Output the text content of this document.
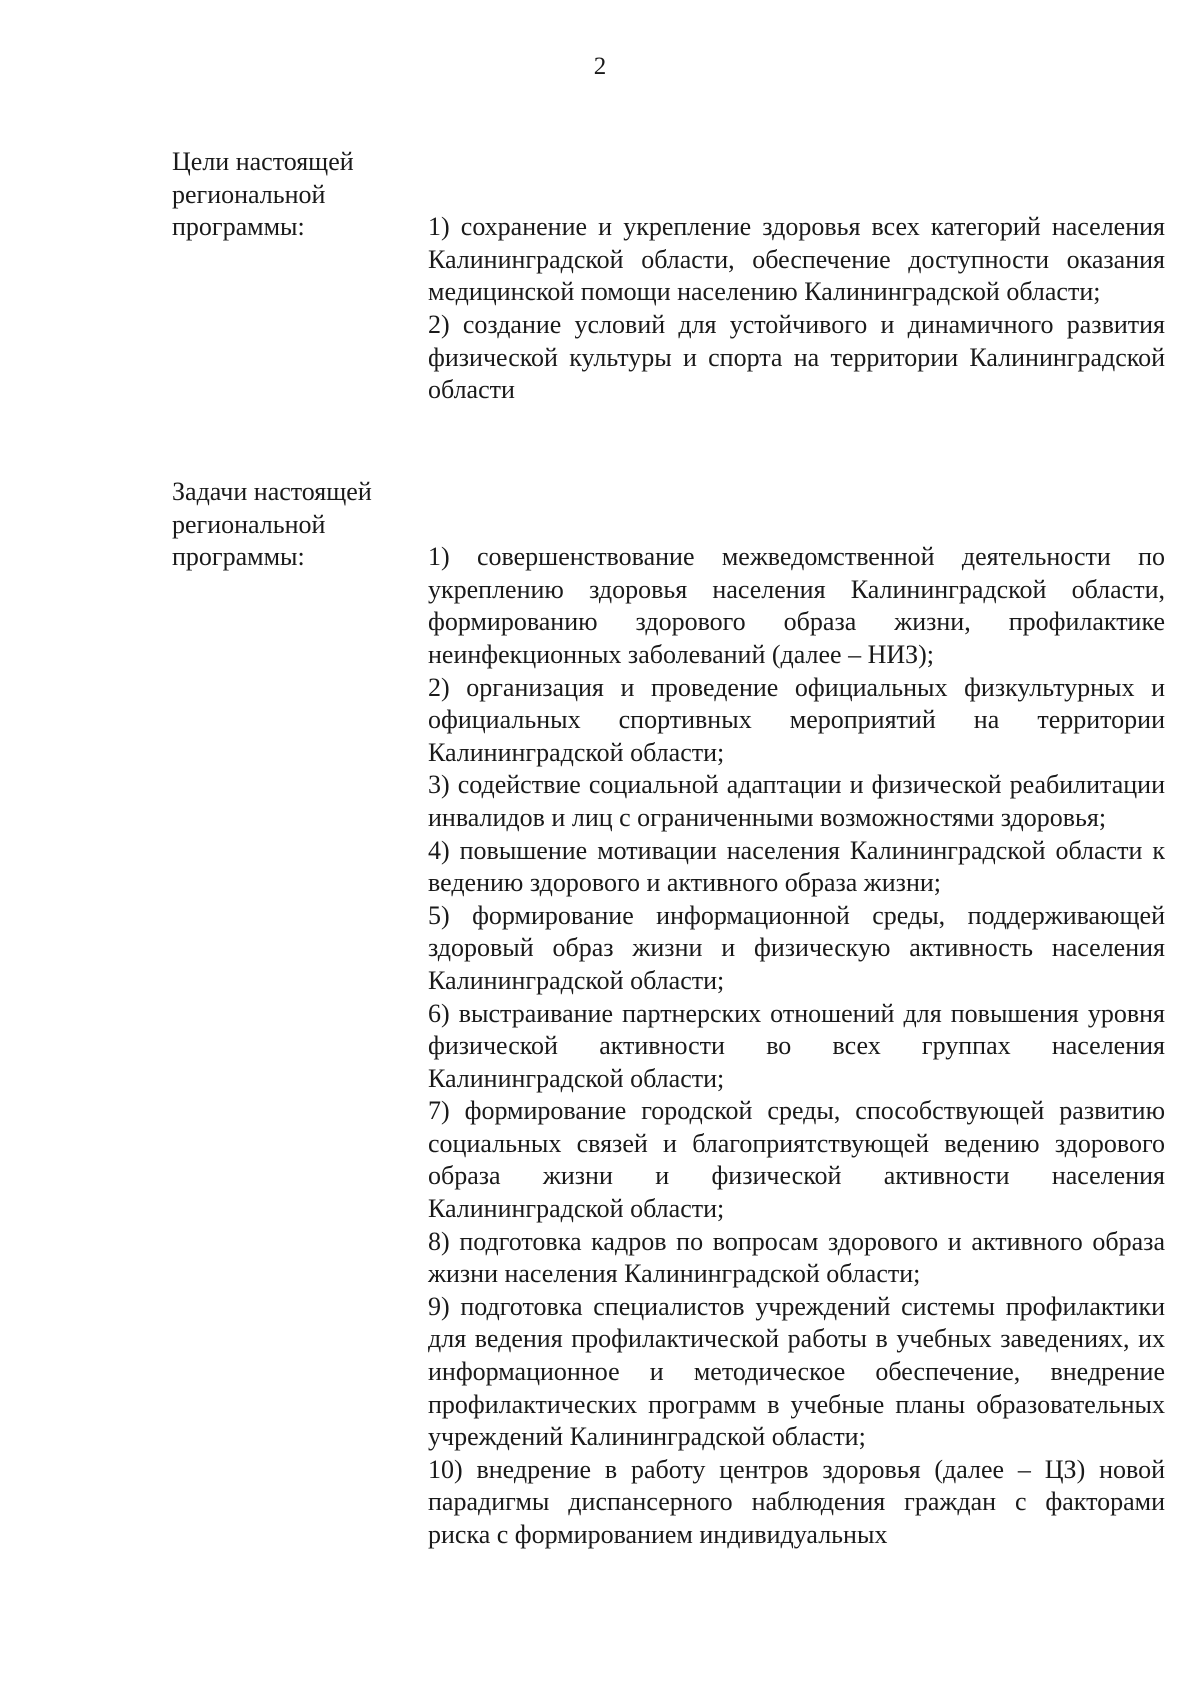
2
Цели настоящей
региональной
программы:	1) сохранение и укрепление здоровья всех категорий населения Калининградской области, обеспечение доступности оказания медицинской помощи населению Калининградской области;

2) создание условий для устойчивого и динамичного развития физической культуры и спорта на территории Калининградской области

Задачи настоящей
региональной
программы:	1) совершенствование межведомственной деятельности по укреплению здоровья населения Калининградской области, формированию здорового образа жизни, профилактике неинфекционных заболеваний (далее – НИЗ);

2) организация и проведение официальных физкультурных и официальных спортивных мероприятий на территории Калининградской области;

3) содействие социальной адаптации и физической реабилитации инвалидов и лиц с ограниченными возможностями здоровья;

4) повышение мотивации населения Калининградской области к ведению здорового и активного образа жизни;

5) формирование информационной среды, поддерживающей здоровый образ жизни и физическую активность населения Калининградской области;

6) выстраивание партнерских отношений для повышения уровня физической активности во всех группах населения Калининградской области;

7) формирование городской среды, способствующей развитию социальных связей и благоприятствующей ведению здорового образа жизни и физической активности населения Калининградской области;

8) подготовка кадров по вопросам здорового и активного образа жизни населения Калининградской области;

9) подготовка специалистов учреждений системы профилактики для ведения профилактической работы в учебных заведениях, их информационное и методическое обеспечение, внедрение профилактических программ в учебные планы образовательных учреждений Калининградской области;

10) внедрение в работу центров здоровья (далее – ЦЗ) новой парадигмы диспансерного наблюдения граждан с факторами риска с формированием индивидуальных
